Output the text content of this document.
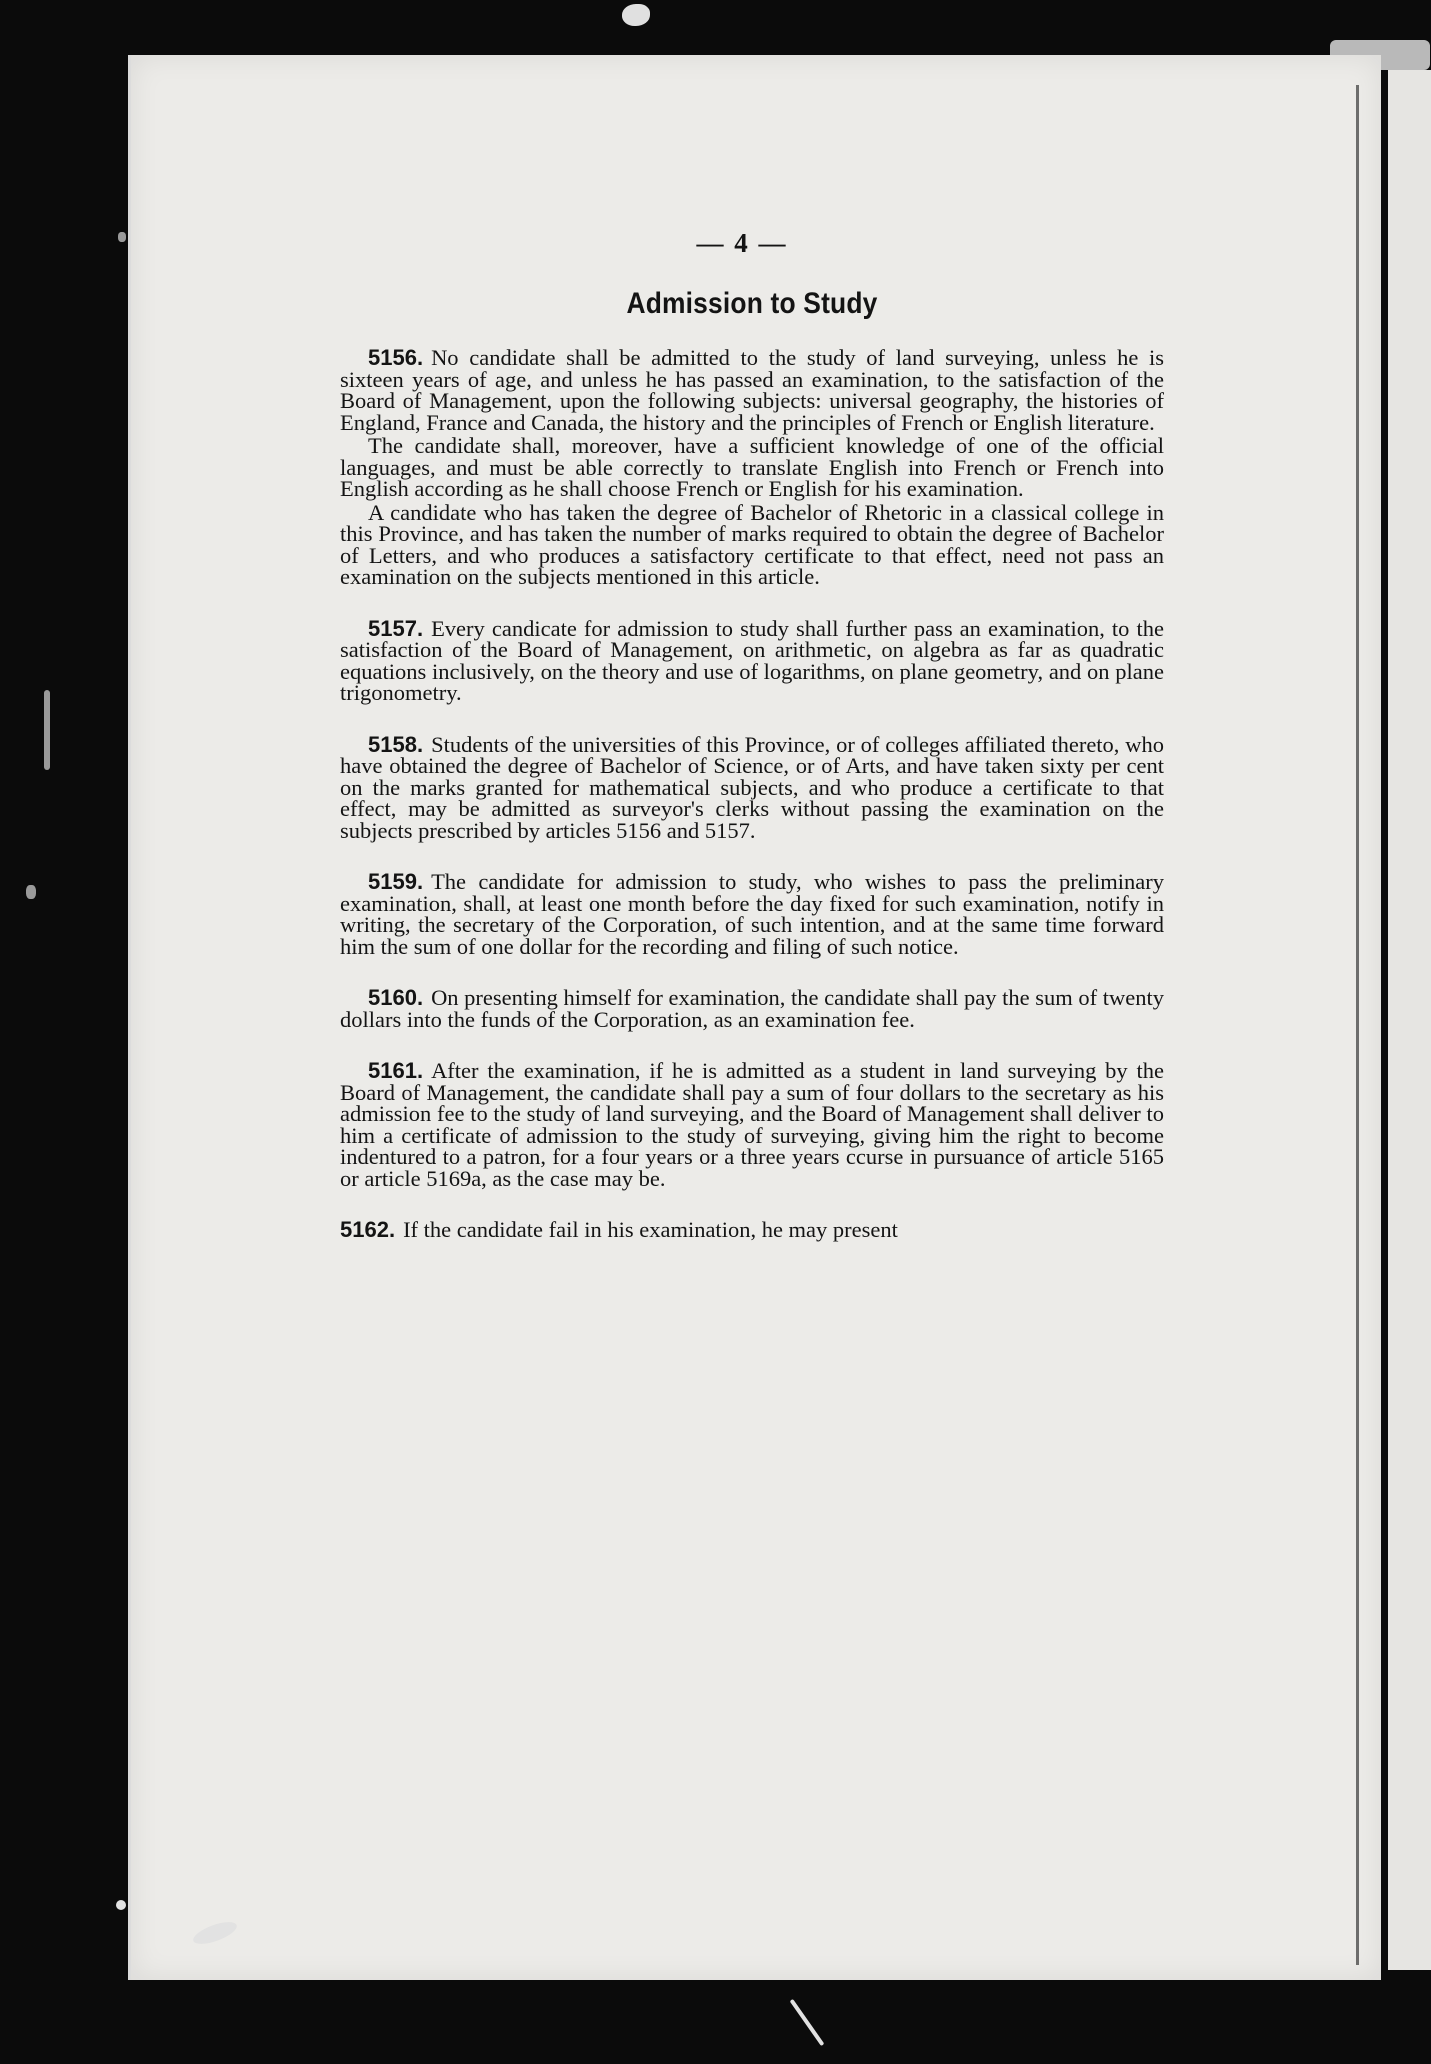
— 4 —
Admission to Study

5156. No candidate shall be admitted to the study of land surveying, unless he is sixteen years of age, and unless he has passed an examination, to the satisfaction of the Board of Management, upon the following subjects: universal geography, the histories of England, France and Canada, the history and the principles of French or English literature.

The candidate shall, moreover, have a sufficient knowledge of one of the official languages, and must be able correctly to translate English into French or French into English according as he shall choose French or English for his examination.

A candidate who has taken the degree of Bachelor of Rhetoric in a classical college in this Province, and has taken the number of marks required to obtain the degree of Bachelor of Letters, and who produces a satisfactory certificate to that effect, need not pass an examination on the subjects mentioned in this article.

5157. Every candicate for admission to study shall further pass an examination, to the satisfaction of the Board of Management, on arithmetic, on algebra as far as quadratic equations inclusively, on the theory and use of logarithms, on plane geometry, and on plane trigonometry.

5158. Students of the universities of this Province, or of colleges affiliated thereto, who have obtained the degree of Bachelor of Science, or of Arts, and have taken sixty per cent on the marks granted for mathematical subjects, and who produce a certificate to that effect, may be admitted as surveyor's clerks without passing the examination on the subjects prescribed by articles 5156 and 5157.

5159. The candidate for admission to study, who wishes to pass the preliminary examination, shall, at least one month before the day fixed for such examination, notify in writing, the secretary of the Corporation, of such intention, and at the same time forward him the sum of one dollar for the recording and filing of such notice.

5160. On presenting himself for examination, the candidate shall pay the sum of twenty dollars into the funds of the Corporation, as an examination fee.

5161. After the examination, if he is admitted as a student in land surveying by the Board of Management, the candidate shall pay a sum of four dollars to the secretary as his admission fee to the study of land surveying, and the Board of Management shall deliver to him a certificate of admission to the study of surveying, giving him the right to become indentured to a patron, for a four years or a three years ccurse in pursuance of article 5165 or article 5169a, as the case may be.

5162. If the candidate fail in his examination, he may present
